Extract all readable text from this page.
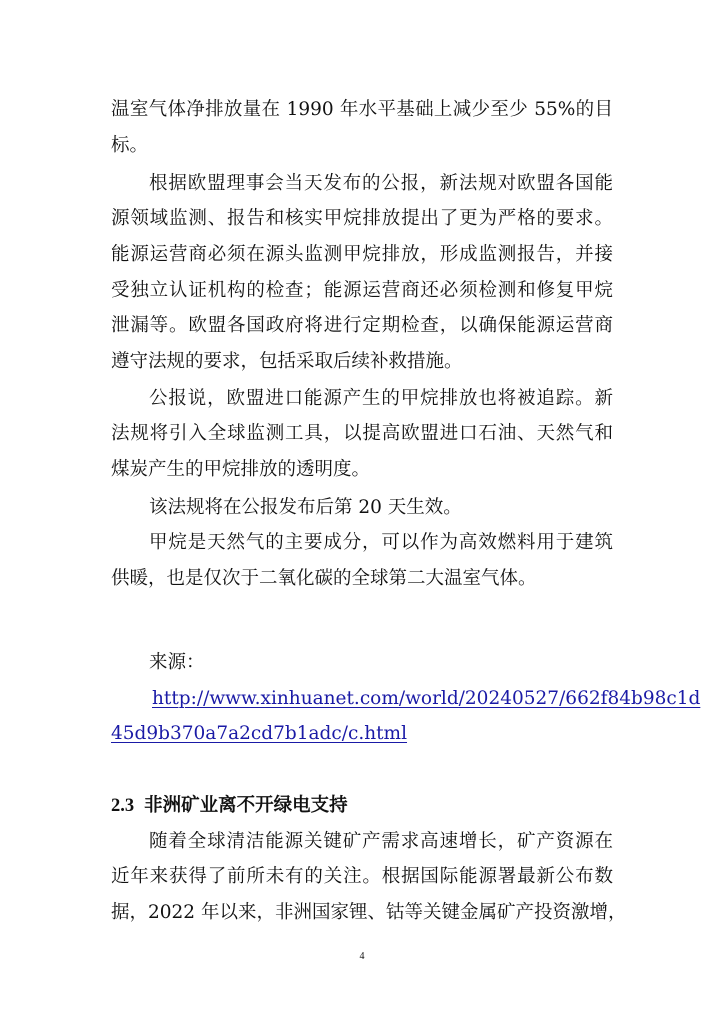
温室气体净排放量在 1990 年水平基础上减少至少 55%的目
标。
根据欧盟理事会当天发布的公报，新法规对欧盟各国能
源领域监测、报告和核实甲烷排放提出了更为严格的要求。
能源运营商必须在源头监测甲烷排放，形成监测报告，并接
受独立认证机构的检查；能源运营商还必须检测和修复甲烷
泄漏等。欧盟各国政府将进行定期检查，以确保能源运营商
遵守法规的要求，包括采取后续补救措施。
公报说，欧盟进口能源产生的甲烷排放也将被追踪。新
法规将引入全球监测工具，以提高欧盟进口石油、天然气和
煤炭产生的甲烷排放的透明度。
该法规将在公报发布后第 20 天生效。
甲烷是天然气的主要成分，可以作为高效燃料用于建筑
供暖，也是仅次于二氧化碳的全球第二大温室气体。
来源：
http://www.xinhuanet.com/world/20240527/662f84b98c1d
45d9b370a7a2cd7b1adc/c.html
2.3 非洲矿业离不开绿电支持
随着全球清洁能源关键矿产需求高速增长，矿产资源在
近年来获得了前所未有的关注。根据国际能源署最新公布数
据，2022 年以来，非洲国家锂、钴等关键金属矿产投资激增，
4
